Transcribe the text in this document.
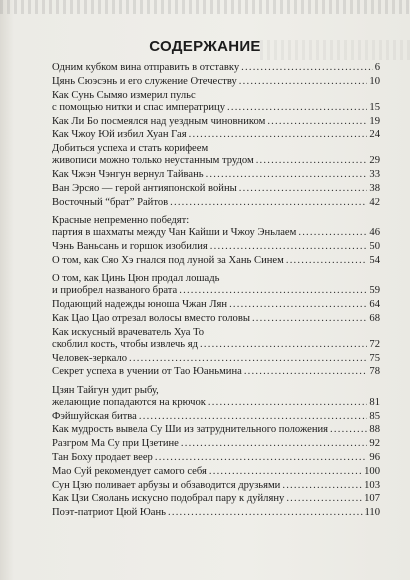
СОДЕРЖАНИЕ
Одним кубком вина отправить в отставку .....	6
Цянь Сюэсэнь и его служение Отечеству .....	10
Как Сунь Сымяо измерил пульс
с помощью нитки и спас императрицу .....	15
Как Ли Бо посмеялся над уездным чиновником .....	19
Как Чжоу Юй избил Хуан Гая .....	24
Добиться успеха и стать корифеем
живописи можно только неустанным трудом .....	29
Как Чжэн Чэнгун вернул Тайвань .....	33
Ван Эрсяо — герой антияпонской войны .....	38
Восточный “брат” Райтов .....	42
Красные непременно победят:
партия в шахматы между Чан Кайши и Чжоу Эньлаем .....	46
Чэнь Ваньсань и горшок изобилия .....	50
О том, как Сяо Хэ гнался под луной за Хань Синем .....	54
О том, как Цинь Цюн продал лошадь
и приобрел названого брата .....	59
Подающий надежды юноша Чжан Лян .....	64
Как Цао Цао отрезал волосы вместо головы .....	68
Как искусный врачеватель Хуа То
скоблил кость, чтобы извлечь яд .....	72
Человек-зеркало .....	75
Секрет успеха в учении от Тао Юаньмина .....	78
Цзян Тайгун удит рыбу,
желающие попадаются на крючок .....	81
Фэйшуйская битва .....	85
Как мудрость вывела Су Ши из затруднительного положения .....	88
Разгром Ма Су при Цзетине .....	92
Тан Боху продает веер .....	96
Мао Суй рекомендует самого себя .....	100
Сун Цзю поливает арбузы и обзаводится друзьями .....	103
Как Цзи Сяолань искусно подобрал пару к дуйляну .....	107
Поэт-патриот Цюй Юань .....	110
